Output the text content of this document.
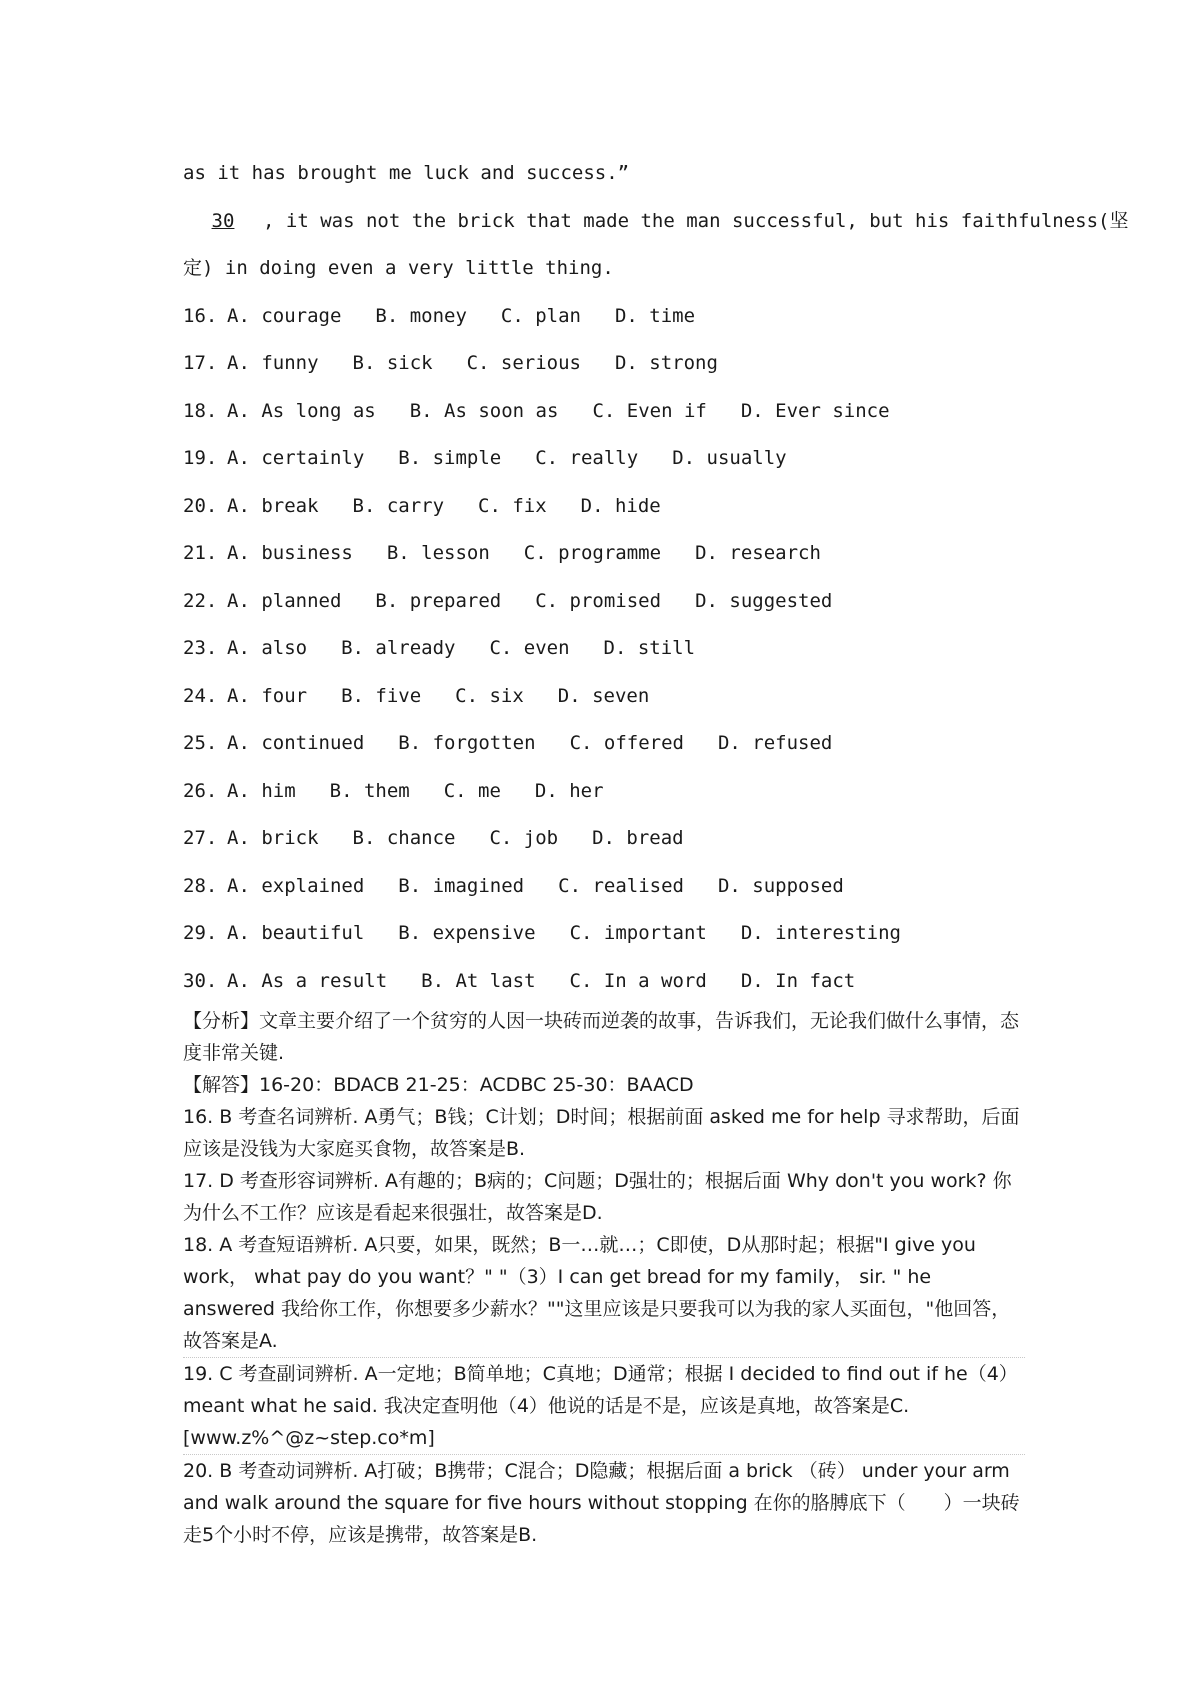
as it has brought me luck and success.”
30 , it was not the brick that made the man successful, but his faithfulness(坚
定) in doing even a very little thing.
16. A. courage B. money C. plan D. time
17. A. funny B. sick C. serious D. strong
18. A. As long as B. As soon as C. Even if D. Ever since
19. A. certainly B. simple C. really D. usually
20. A. break B. carry C. fix D. hide
21. A. business B. lesson C. programme D. research
22. A. planned B. prepared C. promised D. suggested
23. A. also B. already C. even D. still
24. A. four B. five C. six D. seven
25. A. continued B. forgotten C. offered D. refused
26. A. him B. them C. me D. her
27. A. brick B. chance C. job D. bread
28. A. explained B. imagined C. realised D. supposed
29. A. beautiful B. expensive C. important D. interesting
30. A. As a result B. At last C. In a word D. In fact
【分析】文章主要介绍了一个贫穷的人因一块砖而逆袭的故事，告诉我们，无论我们做什么事情，态度非常关键.
【解答】16-20：BDACB 21-25：ACDBC 25-30：BAACD
16. B 考查名词辨析. A勇气；B钱；C计划；D时间；根据前面 asked me for help 寻求帮助，后面应该是没钱为大家庭买食物，故答案是B.
17. D 考查形容词辨析. A有趣的；B病的；C问题；D强壮的；根据后面 Why don't you work? 你为什么不工作？应该是看起来很强壮，故答案是D.
18. A 考查短语辨析. A只要，如果，既然；B一…就…；C即使，D从那时起；根据"I give you work， what pay do you want？" "（3）I can get bread for my family， sir. " he answered 我给你工作，你想要多少薪水？""这里应该是只要我可以为我的家人买面包，"他回答，故答案是A.
19. C 考查副词辨析. A一定地；B简单地；C真地；D通常；根据 I decided to find out if he（4）meant what he said. 我决定查明他（4）他说的话是不是，应该是真地，故答案是C. [www.z%^@z~step.co*m]
20. B 考查动词辨析. A打破；B携带；C混合；D隐藏；根据后面 a brick （砖） under your arm and walk around the square for five hours without stopping 在你的胳膊底下（　　）一块砖走5个小时不停，应该是携带，故答案是B.
